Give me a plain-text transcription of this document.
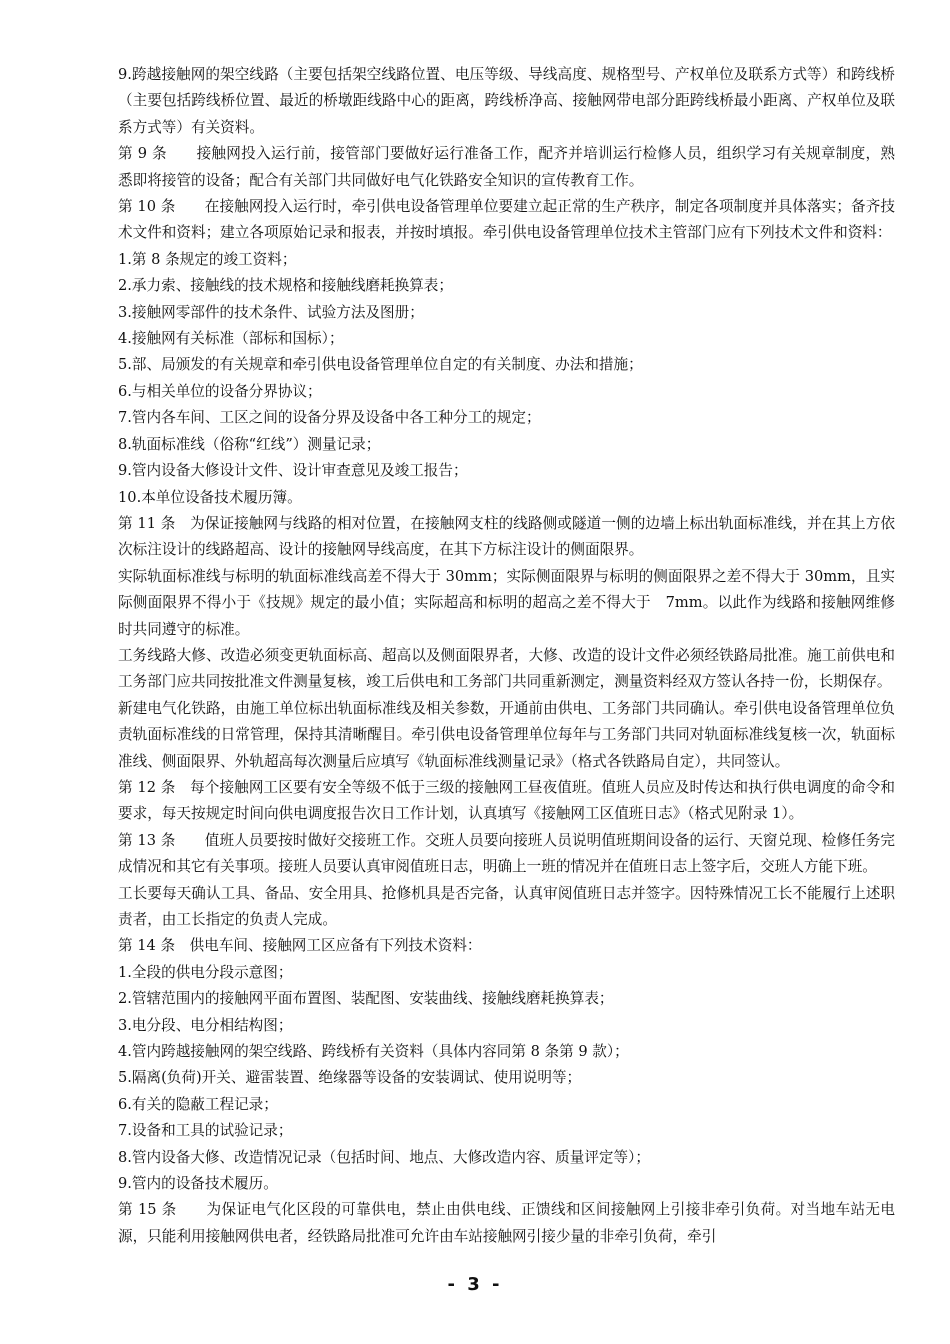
9.跨越接触网的架空线路（主要包括架空线路位置、电压等级、导线高度、规格型号、产权单位及联系方式等）和跨线桥（主要包括跨线桥位置、最近的桥墩距线路中心的距离，跨线桥净高、接触网带电部分距跨线桥最小距离、产权单位及联系方式等）有关资料。

第 9 条　　接触网投入运行前，接管部门要做好运行准备工作，配齐并培训运行检修人员，组织学习有关规章制度，熟悉即将接管的设备；配合有关部门共同做好电气化铁路安全知识的宣传教育工作。

第 10 条　　在接触网投入运行时，牵引供电设备管理单位要建立起正常的生产秩序，制定各项制度并具体落实；备齐技术文件和资料；建立各项原始记录和报表，并按时填报。牵引供电设备管理单位技术主管部门应有下列技术文件和资料：

1.第 8 条规定的竣工资料；

2.承力索、接触线的技术规格和接触线磨耗换算表；

3.接触网零部件的技术条件、试验方法及图册；

4.接触网有关标准（部标和国标）；

5.部、局颁发的有关规章和牵引供电设备管理单位自定的有关制度、办法和措施；

6.与相关单位的设备分界协议；

7.管内各车间、工区之间的设备分界及设备中各工种分工的规定；

8.轨面标准线（俗称“红线”）测量记录；

9.管内设备大修设计文件、设计审查意见及竣工报告；

10.本单位设备技术履历簿。

第 11 条　为保证接触网与线路的相对位置，在接触网支柱的线路侧或隧道一侧的边墙上标出轨面标准线，并在其上方依次标注设计的线路超高、设计的接触网导线高度，在其下方标注设计的侧面限界。

实际轨面标准线与标明的轨面标准线高差不得大于 30mm；实际侧面限界与标明的侧面限界之差不得大于 30mm，且实际侧面限界不得小于《技规》规定的最小值；实际超高和标明的超高之差不得大于　7mm。以此作为线路和接触网维修时共同遵守的标准。

工务线路大修、改造必须变更轨面标高、超高以及侧面限界者，大修、改造的设计文件必须经铁路局批准。施工前供电和工务部门应共同按批准文件测量复核，竣工后供电和工务部门共同重新测定，测量资料经双方签认各持一份，长期保存。

新建电气化铁路，由施工单位标出轨面标准线及相关参数，开通前由供电、工务部门共同确认。牵引供电设备管理单位负责轨面标准线的日常管理，保持其清晰醒目。牵引供电设备管理单位每年与工务部门共同对轨面标准线复核一次，轨面标准线、侧面限界、外轨超高每次测量后应填写《轨面标准线测量记录》（格式各铁路局自定），共同签认。

第 12 条　每个接触网工区要有安全等级不低于三级的接触网工昼夜值班。值班人员应及时传达和执行供电调度的命令和要求，每天按规定时间向供电调度报告次日工作计划，认真填写《接触网工区值班日志》（格式见附录 1）。

第 13 条　　值班人员要按时做好交接班工作。交班人员要向接班人员说明值班期间设备的运行、天窗兑现、检修任务完成情况和其它有关事项。接班人员要认真审阅值班日志，明确上一班的情况并在值班日志上签字后，交班人方能下班。

工长要每天确认工具、备品、安全用具、抢修机具是否完备，认真审阅值班日志并签字。因特殊情况工长不能履行上述职责者，由工长指定的负责人完成。

第 14 条　供电车间、接触网工区应备有下列技术资料：

1.全段的供电分段示意图；

2.管辖范围内的接触网平面布置图、装配图、安装曲线、接触线磨耗换算表；

3.电分段、电分相结构图；

4.管内跨越接触网的架空线路、跨线桥有关资料（具体内容同第 8 条第 9 款）；

5.隔离(负荷)开关、避雷装置、绝缘器等设备的安装调试、使用说明等；

6.有关的隐蔽工程记录；

7.设备和工具的试验记录；

8.管内设备大修、改造情况记录（包括时间、地点、大修改造内容、质量评定等）；

9.管内的设备技术履历。

第 15 条　　为保证电气化区段的可靠供电，禁止由供电线、正馈线和区间接触网上引接非牵引负荷。对当地车站无电源，只能利用接触网供电者，经铁路局批准可允许由车站接触网引接少量的非牵引负荷，牵引

- 3 -
